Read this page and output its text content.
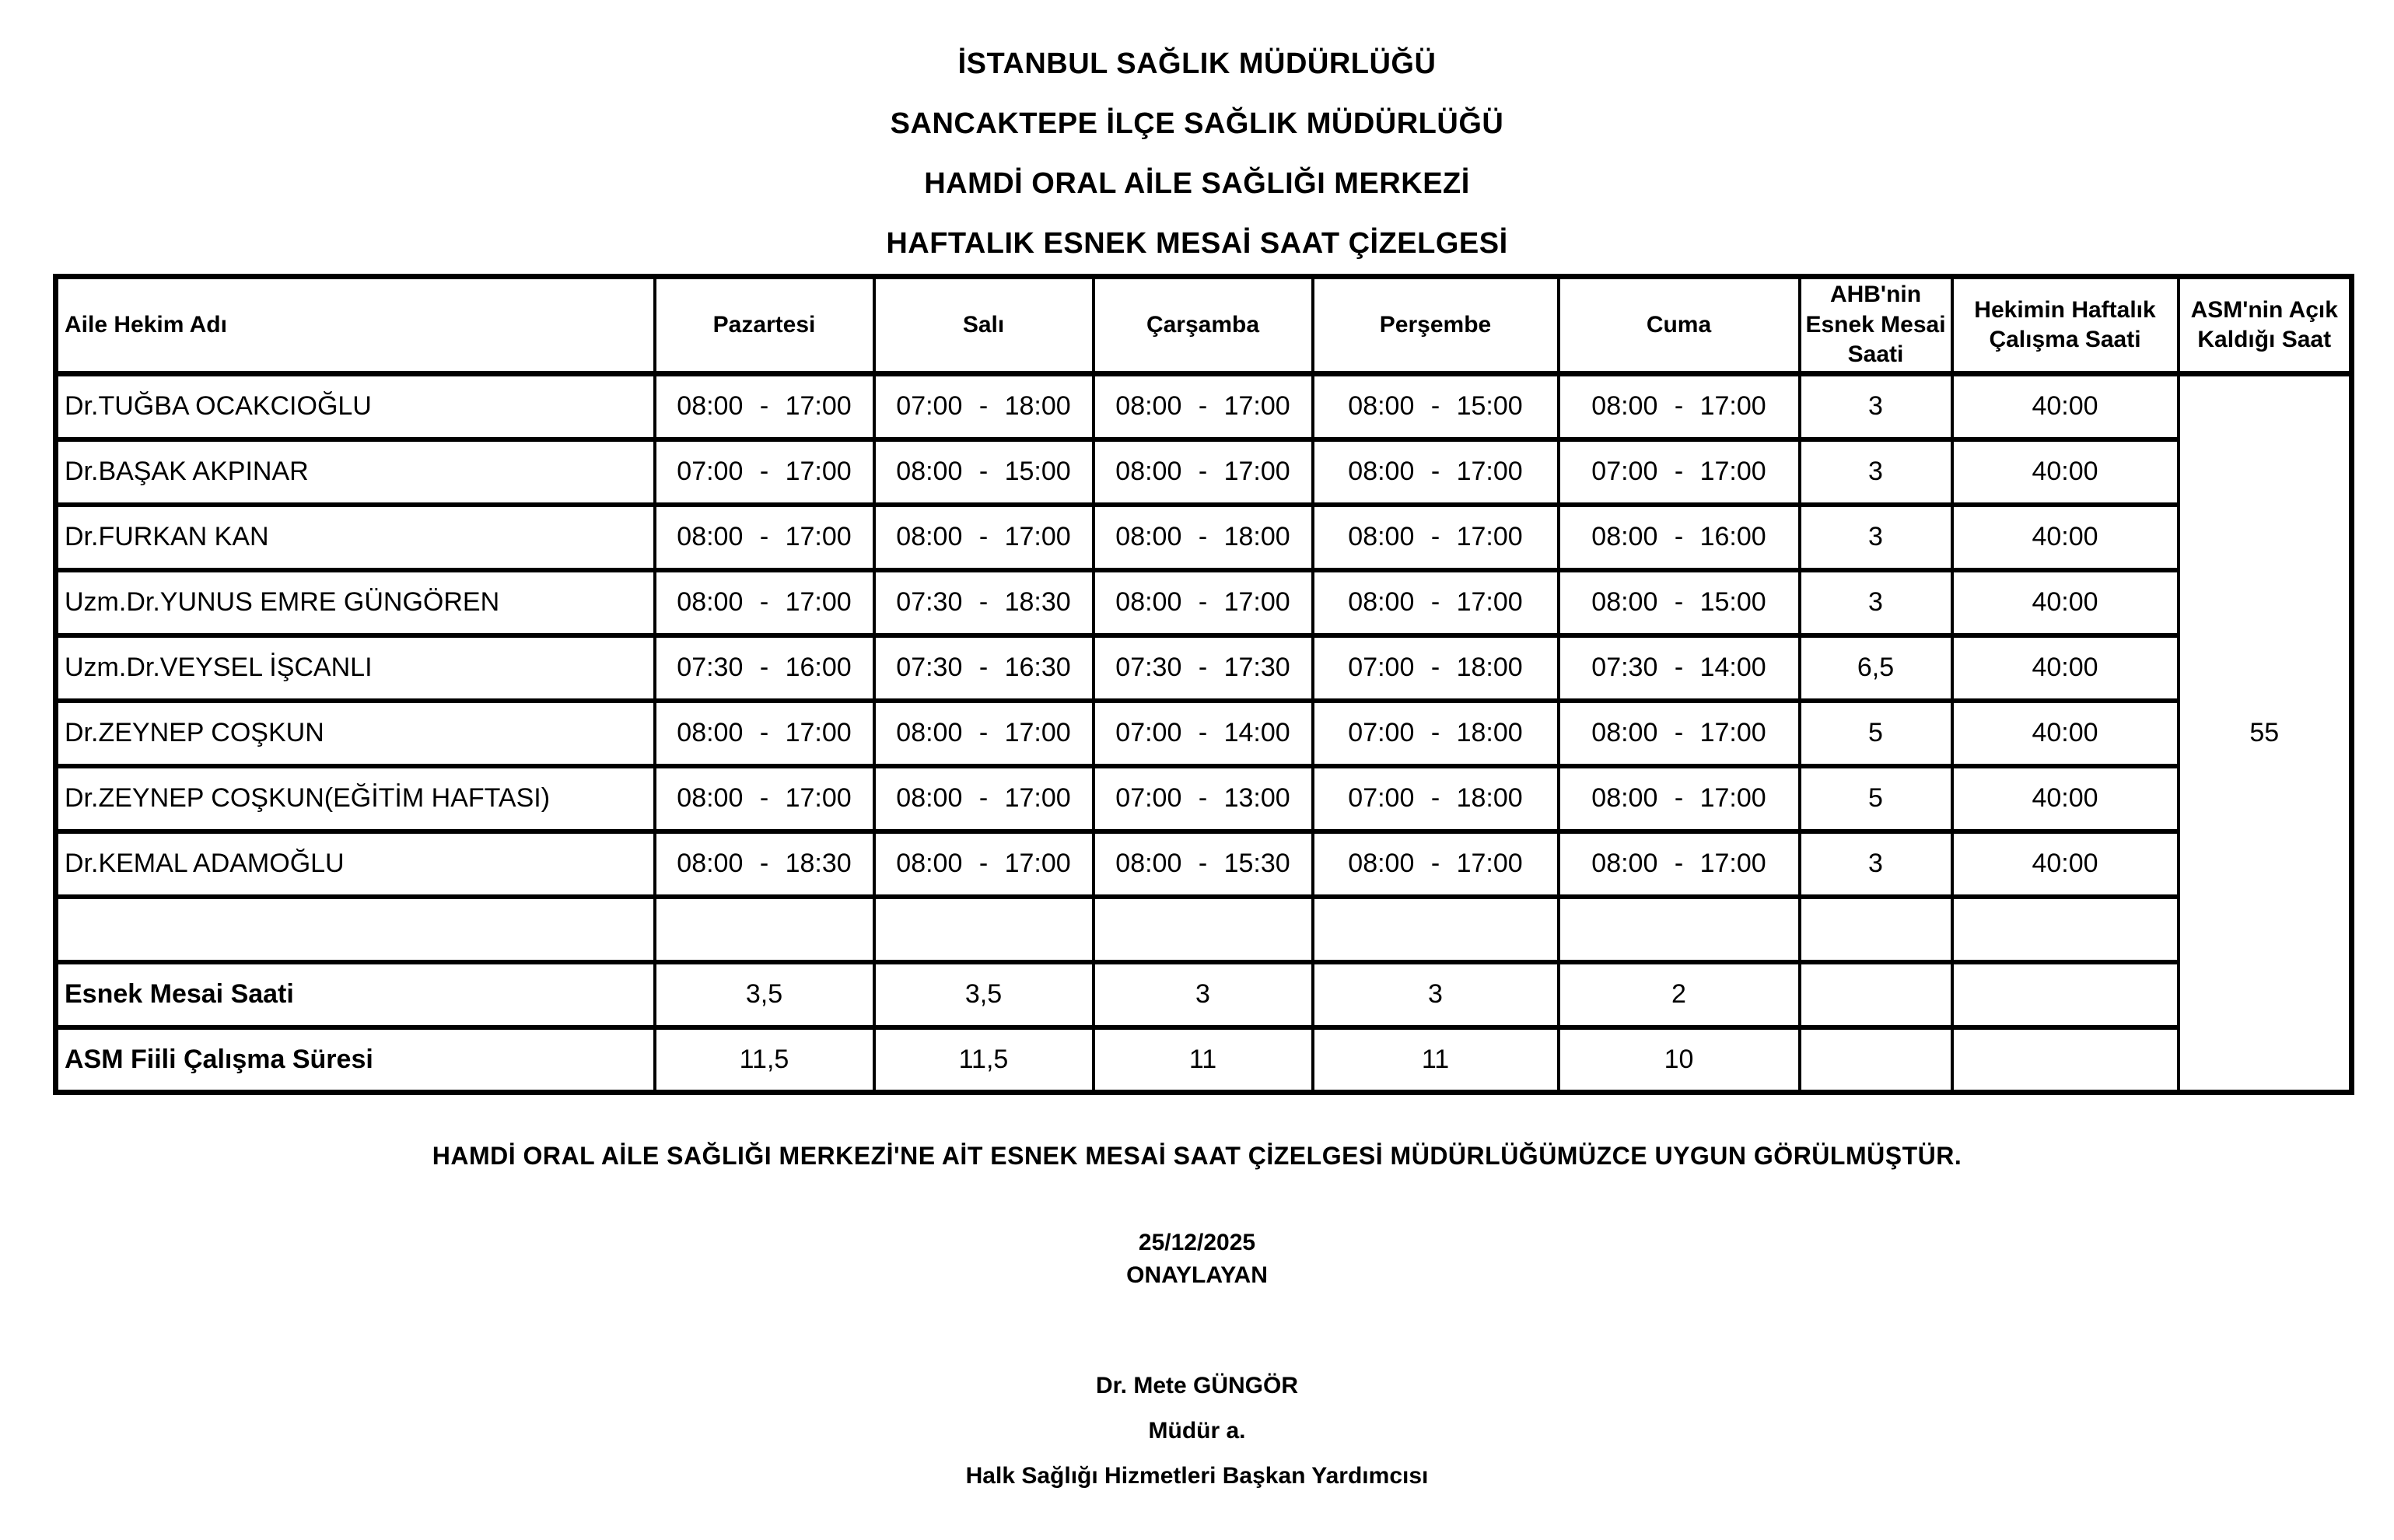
İSTANBUL SAĞLIK MÜDÜRLÜĞÜ
SANCAKTEPE İLÇE SAĞLIK MÜDÜRLÜĞÜ
HAMDİ ORAL AİLE SAĞLIĞI MERKEZİ
HAFTALIK ESNEK MESAİ SAAT ÇİZELGESİ
Aile Hekim Adı	Pazartesi	Salı	Çarşamba	Perşembe	Cuma	AHB'nin Esnek Mesai Saati	Hekimin Haftalık Çalışma Saati	ASM'nin Açık Kaldığı Saat
Dr.TUĞBA OCAKCIOĞLU	08:00 - 17:00	07:00 - 18:00	08:00 - 17:00	08:00 - 15:00	08:00 - 17:00	3	40:00	55
Dr.BAŞAK AKPINAR	07:00 - 17:00	08:00 - 15:00	08:00 - 17:00	08:00 - 17:00	07:00 - 17:00	3	40:00	
Dr.FURKAN KAN	08:00 - 17:00	08:00 - 17:00	08:00 - 18:00	08:00 - 17:00	08:00 - 16:00	3	40:00	
Uzm.Dr.YUNUS EMRE GÜNGÖREN	08:00 - 17:00	07:30 - 18:30	08:00 - 17:00	08:00 - 17:00	08:00 - 15:00	3	40:00	
Uzm.Dr.VEYSEL İŞCANLI	07:30 - 16:00	07:30 - 16:30	07:30 - 17:30	07:00 - 18:00	07:30 - 14:00	6,5	40:00	
Dr.ZEYNEP COŞKUN	08:00 - 17:00	08:00 - 17:00	07:00 - 14:00	07:00 - 18:00	08:00 - 17:00	5	40:00	
Dr.ZEYNEP COŞKUN(EĞİTİM HAFTASI)	08:00 - 17:00	08:00 - 17:00	07:00 - 13:00	07:00 - 18:00	08:00 - 17:00	5	40:00	
Dr.KEMAL ADAMOĞLU	08:00 - 18:30	08:00 - 17:00	08:00 - 15:30	08:00 - 17:00	08:00 - 17:00	3	40:00	

Esnek Mesai Saati	3,5	3,5	3	3	2			
ASM Fiili Çalışma Süresi	11,5	11,5	11	11	10			
HAMDİ ORAL AİLE SAĞLIĞI MERKEZİ'NE AİT ESNEK MESAİ SAAT ÇİZELGESİ MÜDÜRLÜĞÜMÜZCE UYGUN GÖRÜLMÜŞTÜR.
25/12/2025
ONAYLAYAN
Dr. Mete GÜNGÖR
Müdür a.
Halk Sağlığı Hizmetleri Başkan Yardımcısı
